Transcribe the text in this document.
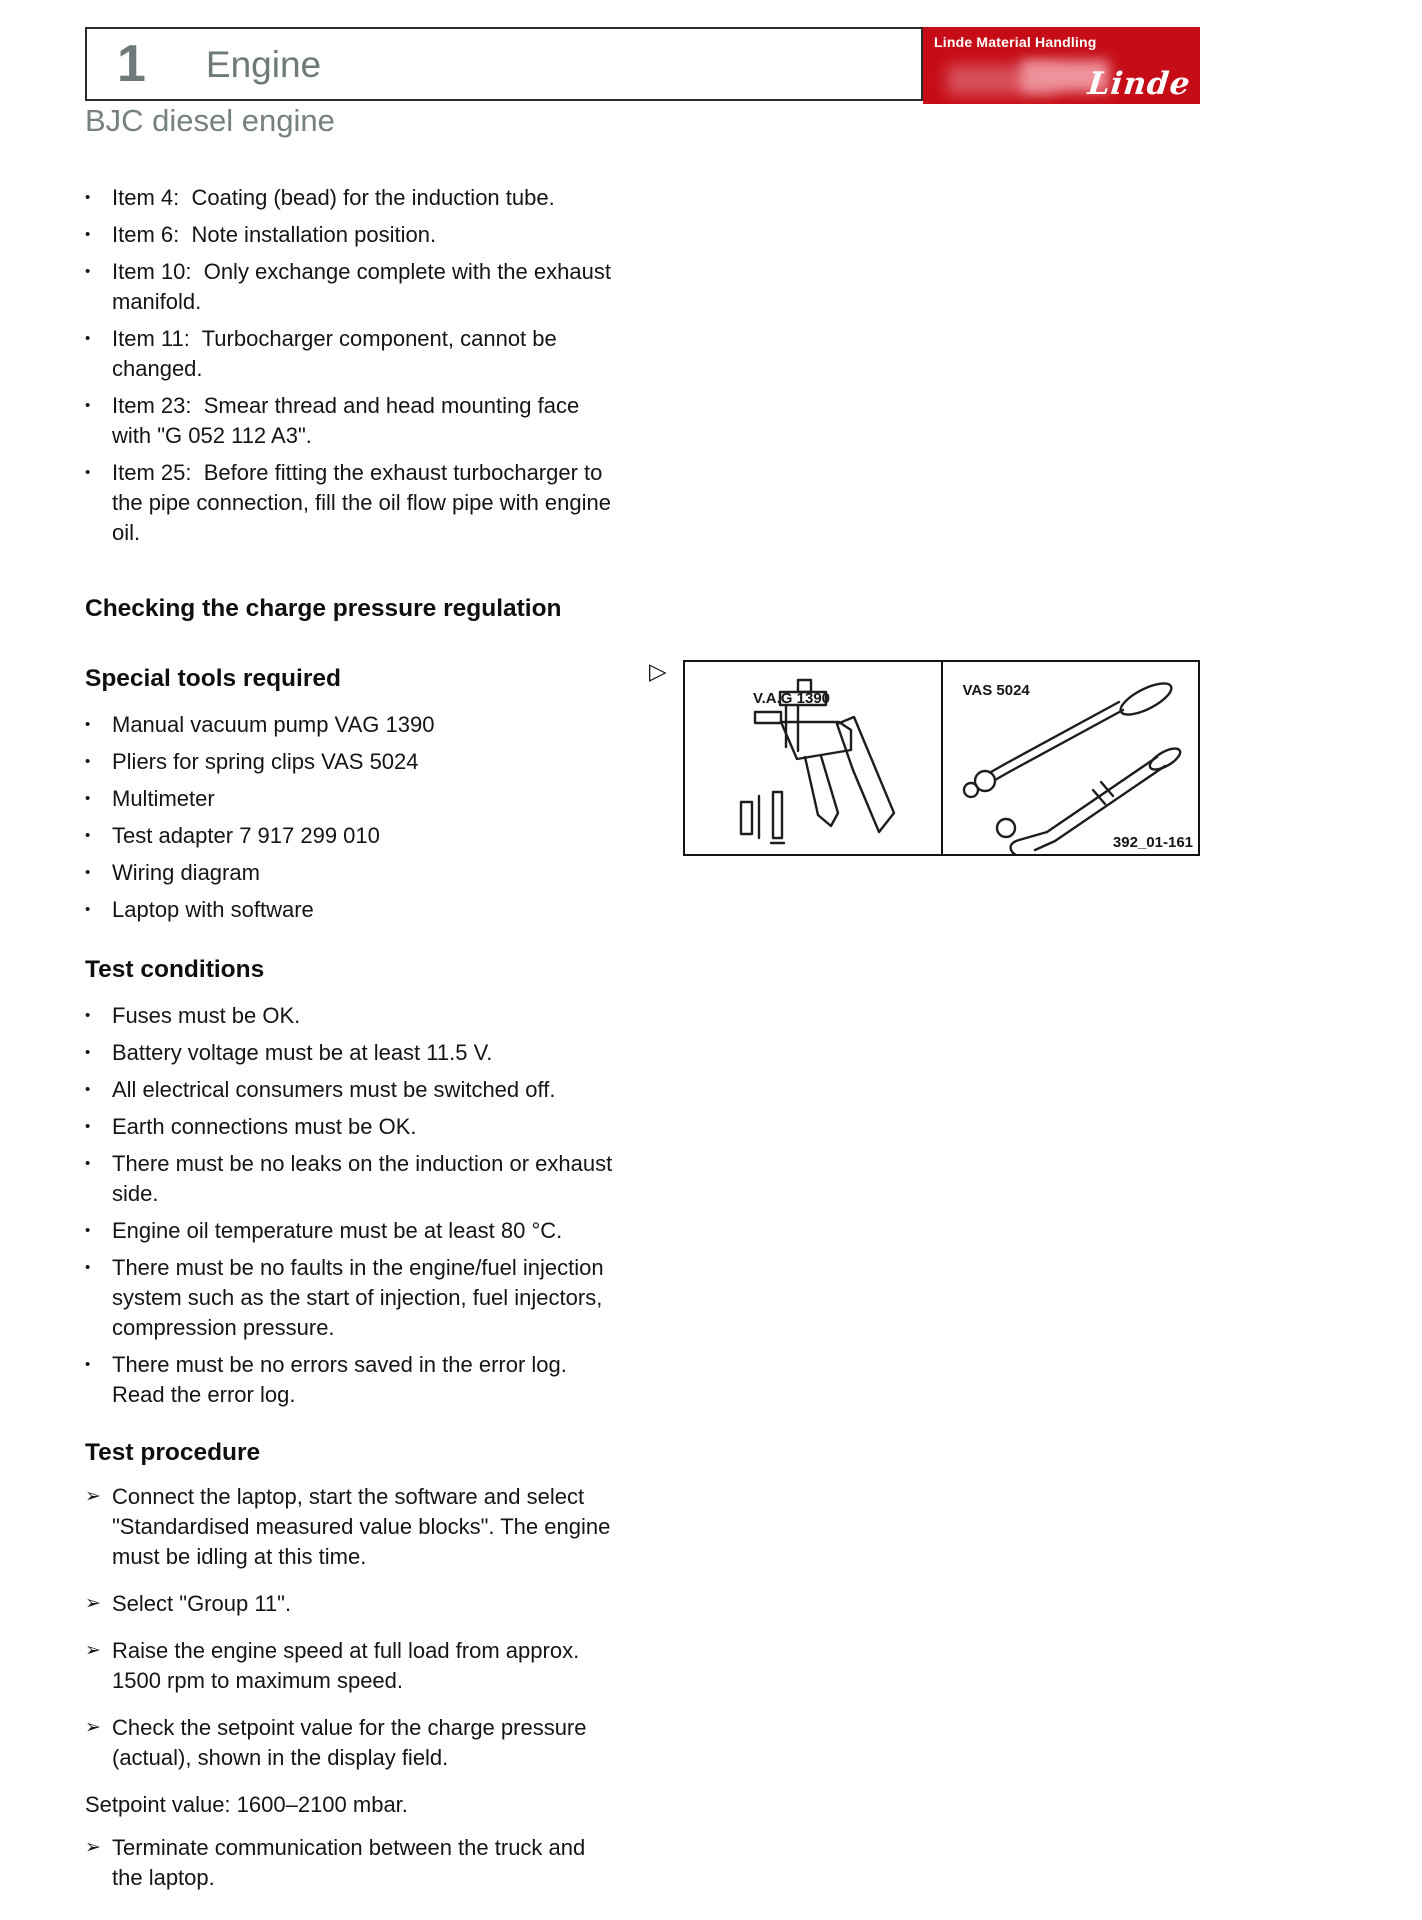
1 Engine
Linde Material Handling
Linde
BJC diesel engine
• Item 4:  Coating (bead) for the induction tube.
• Item 6:  Note installation position.
• Item 10:  Only exchange complete with the exhaust manifold.
• Item 11:  Turbocharger component, cannot be changed.
• Item 23:  Smear thread and head mounting face with "G 052 112 A3".
• Item 25:  Before fitting the exhaust turbocharger to the pipe connection, fill the oil flow pipe with engine oil.
Checking the charge pressure regulation
Special tools required
• Manual vacuum pump VAG 1390
• Pliers for spring clips VAS 5024
• Multimeter
• Test adapter 7 917 299 010
• Wiring diagram
• Laptop with software
Test conditions
• Fuses must be OK.
• Battery voltage must be at least 11.5 V.
• All electrical consumers must be switched off.
• Earth connections must be OK.
• There must be no leaks on the induction or exhaust side.
• Engine oil temperature must be at least 80 °C.
• There must be no faults in the engine/fuel injection system such as the start of injection, fuel injectors, compression pressure.
• There must be no errors saved in the error log. Read the error log.
Test procedure
➢ Connect the laptop, start the software and select "Standardised measured value blocks". The engine must be idling at this time.
➢ Select "Group 11".
➢ Raise the engine speed at full load from approx. 1500 rpm to maximum speed.
➢ Check the setpoint value for the charge pressure (actual), shown in the display field.

Setpoint value: 1600–2100 mbar.

➢ Terminate communication between the truck and the laptop.
▷
V.A.G 1390	VAS 5024
392_01-161
